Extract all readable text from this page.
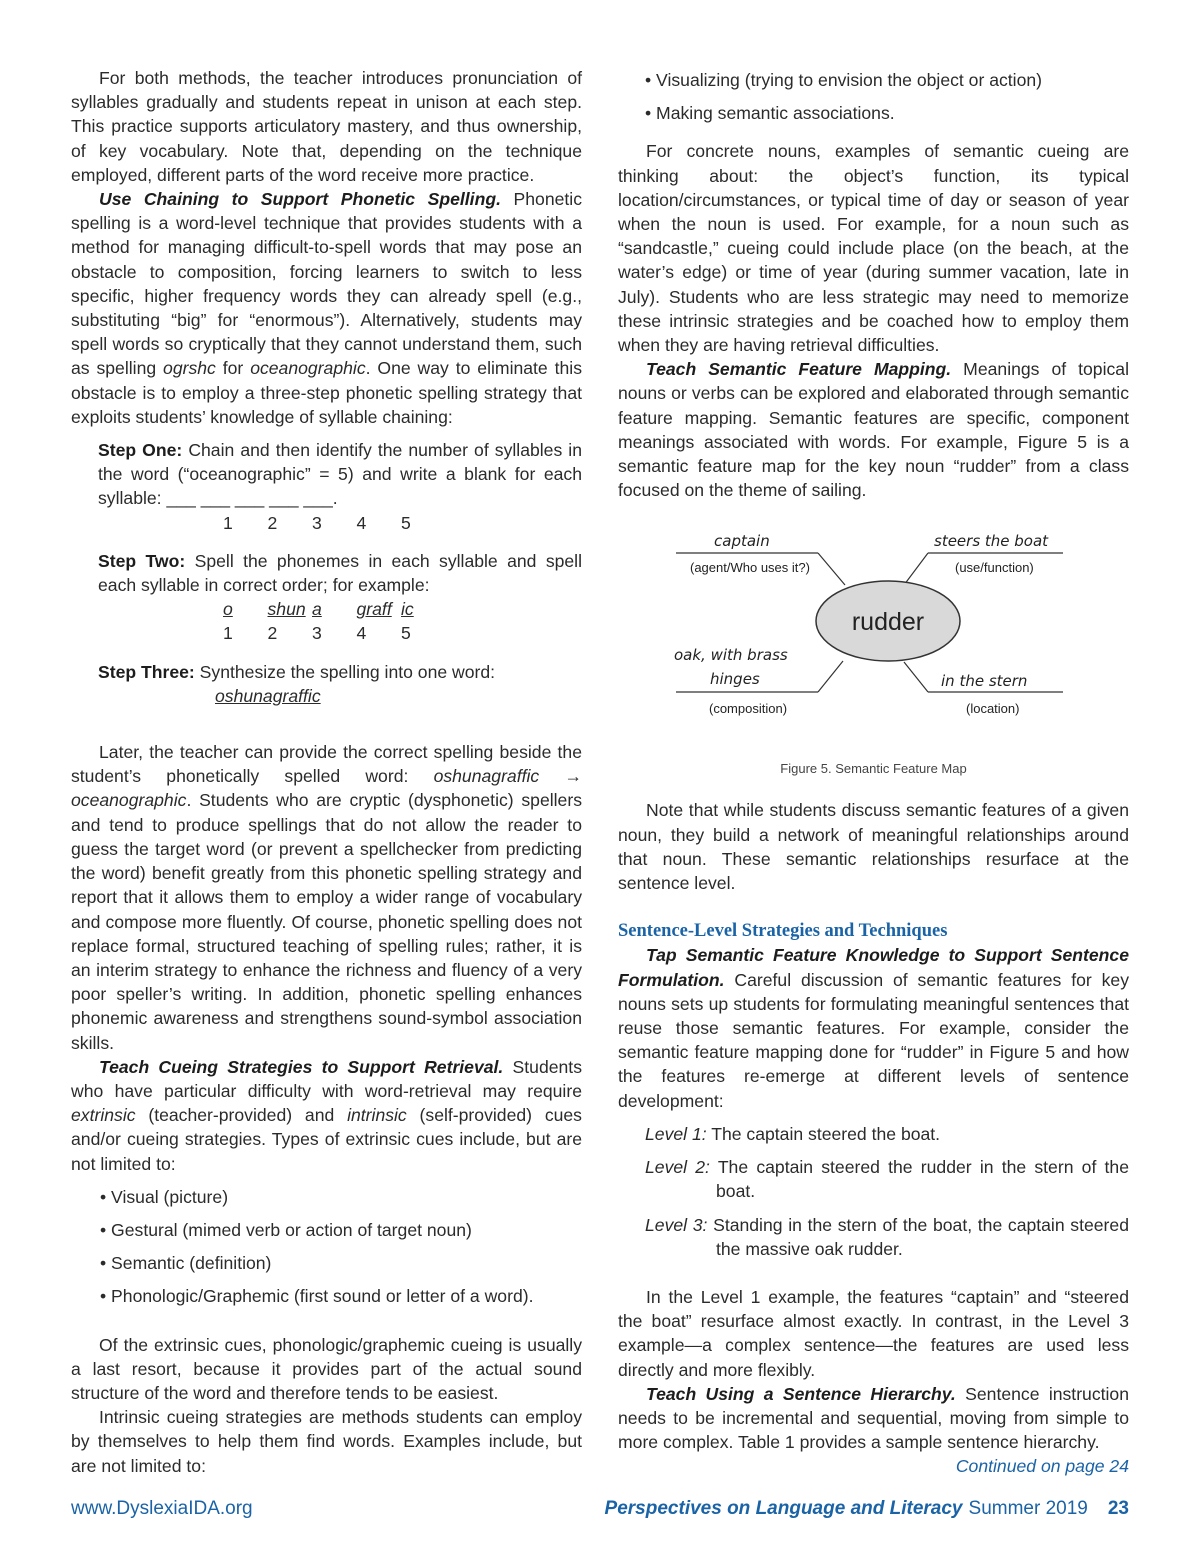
For both methods, the teacher introduces pronunciation of syllables gradually and students repeat in unison at each step. This practice supports articulatory mastery, and thus ownership, of key vocabulary. Note that, depending on the technique employed, different parts of the word receive more practice.

Use Chaining to Support Phonetic Spelling. Phonetic spelling is a word-level technique that provides students with a method for managing difficult-to-spell words that may pose an obstacle to composition, forcing learners to switch to less specific, higher frequency words they can already spell (e.g., substituting “big” for “enormous”). Alternatively, students may spell words so cryptically that they cannot understand them, such as spelling ogrshc for oceanographic. One way to eliminate this obstacle is to employ a three-step phonetic spelling strategy that exploits students’ knowledge of syllable chaining:

Step One: Chain and then identify the number of syllables in the word (“oceanographic” = 5) and write a blank for each syllable: ___ ___ ___ ___ ___.

1 2 3 4 5

Step Two: Spell the phonemes in each syllable and spell each syllable in correct order; for example:

o shun a graff ic

1 2 3 4 5

Step Three: Synthesize the spelling into one word:

oshunagraffic

Later, the teacher can provide the correct spelling beside the student’s phonetically spelled word: oshunagraffic → oceanographic. Students who are cryptic (dysphonetic) spellers and tend to produce spellings that do not allow the reader to guess the target word (or prevent a spellchecker from predicting the word) benefit greatly from this phonetic spelling strategy and report that it allows them to employ a wider range of vocabulary and compose more fluently. Of course, phonetic spelling does not replace formal, structured teaching of spelling rules; rather, it is an interim strategy to enhance the richness and fluency of a very poor speller’s writing. In addition, phonetic spelling enhances phonemic awareness and strengthens sound-symbol association skills.

Teach Cueing Strategies to Support Retrieval. Students who have particular difficulty with word-retrieval may require extrinsic (teacher-provided) and intrinsic (self-provided) cues and/or cueing strategies. Types of extrinsic cues include, but are not limited to:

• Visual (picture)

• Gestural (mimed verb or action of target noun)

• Semantic (definition)

• Phonologic/Graphemic (first sound or letter of a word).

Of the extrinsic cues, phonologic/graphemic cueing is usually a last resort, because it provides part of the actual sound structure of the word and therefore tends to be easiest.

Intrinsic cueing strategies are methods students can employ by themselves to help them find words. Examples include, but are not limited to:

• Visualizing (trying to envision the object or action)

• Making semantic associations.

For concrete nouns, examples of semantic cueing are thinking about: the object’s function, its typical location/circumstances, or typical time of day or season of year when the noun is used. For example, for a noun such as “sandcastle,” cueing could include place (on the beach, at the water’s edge) or time of year (during summer vacation, late in July). Students who are less strategic may need to memorize these intrinsic strategies and be coached how to employ them when they are having retrieval difficulties.

Teach Semantic Feature Mapping. Meanings of topical nouns or verbs can be explored and elaborated through semantic feature mapping. Semantic features are specific, component meanings associated with words. For example, Figure 5 is a semantic feature map for the key noun “rudder” from a class focused on the theme of sailing.

captain
(agent/Who uses it?)
steers the boat
(use/function)
rudder
oak, with brass
hinges
(composition)
in the stern
(location)
Figure 5. Semantic Feature Map

Note that while students discuss semantic features of a given noun, they build a network of meaningful relationships around that noun. These semantic relationships resurface at the sentence level.

Sentence-Level Strategies and Techniques

Tap Semantic Feature Knowledge to Support Sentence Formulation. Careful discussion of semantic features for key nouns sets up students for formulating meaningful sentences that reuse those semantic features. For example, consider the semantic feature mapping done for “rudder” in Figure 5 and how the features re-emerge at different levels of sentence development:

Level 1: The captain steered the boat.

Level 2: The captain steered the rudder in the stern of the boat.

Level 3: Standing in the stern of the boat, the captain steered the massive oak rudder.

In the Level 1 example, the features “captain” and “steered the boat” resurface almost exactly. In contrast, in the Level 3 example—a complex sentence—the features are used less directly and more flexibly.

Teach Using a Sentence Hierarchy. Sentence instruction needs to be incremental and sequential, moving from simple to more complex. Table 1 provides a sample sentence hierarchy.

Continued on page 24

www.DyslexiaIDA.org	Perspectives on Language and Literacy Summer 2019 23
